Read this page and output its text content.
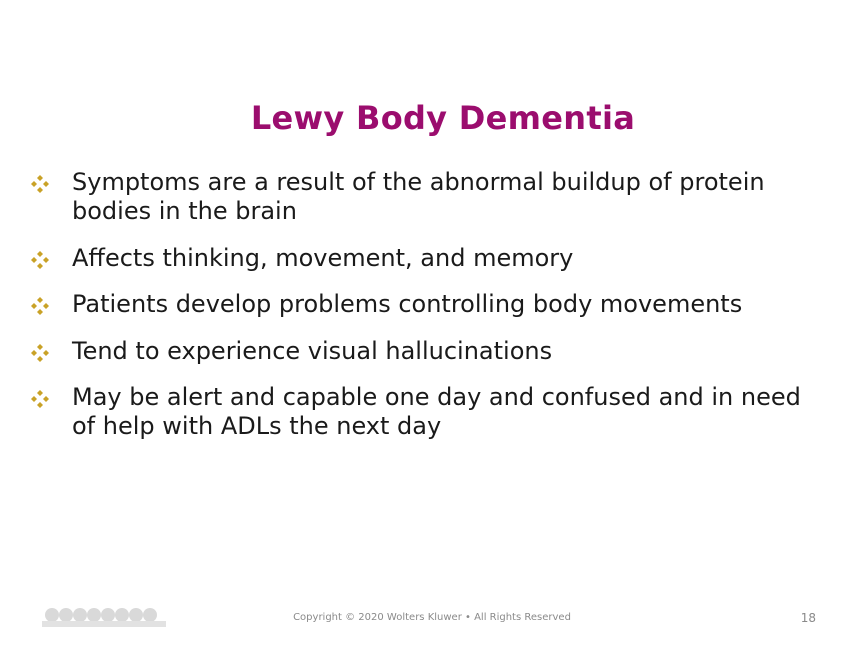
Lewy Body Dementia
Symptoms are a result of the abnormal buildup of protein bodies in the brain
Affects thinking, movement, and memory
Patients develop problems controlling body movements
Tend to experience visual hallucinations
May be alert and capable one day and confused and in need of help with ADLs the next day
Copyright © 2020 Wolters Kluwer • All Rights Reserved	18
